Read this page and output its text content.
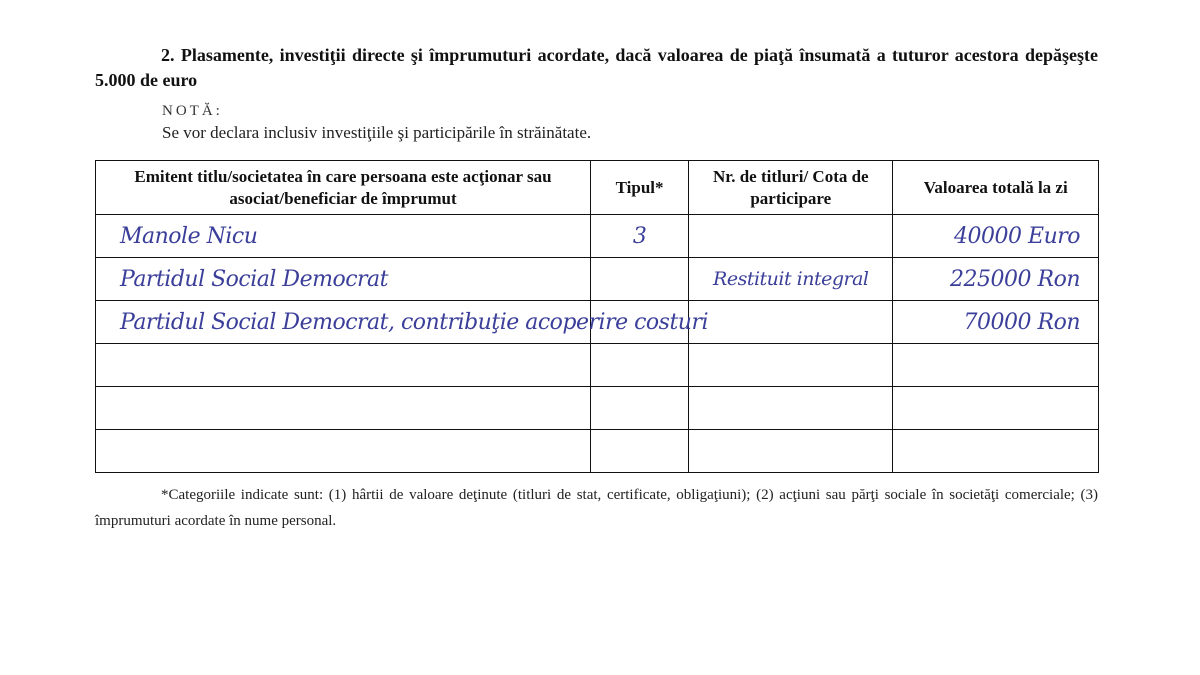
2. Plasamente, investiţii directe şi împrumuturi acordate, dacă valoarea de piaţă însumată a tuturor acestora depăşeşte 5.000 de euro
NOTĂ:
Se vor declara inclusiv investiţiile şi participările în străinătate.
Emitent titlu/societatea în care persoana este acţionar sau asociat/beneficiar de împrumut	Tipul*	Nr. de titluri/ Cota de participare	Valoarea totală la zi
Manole Nicu	3		40000 Euro
Partidul Social Democrat		Restituit integral	225000 Ron
Partidul Social Democrat, contribuţie acoperire costuri			70000 Ron

*Categoriile indicate sunt: (1) hârtii de valoare deţinute (titluri de stat, certificate, obligaţiuni); (2) acţiuni sau părţi sociale în societăţi comerciale; (3) împrumuturi acordate în nume personal.
